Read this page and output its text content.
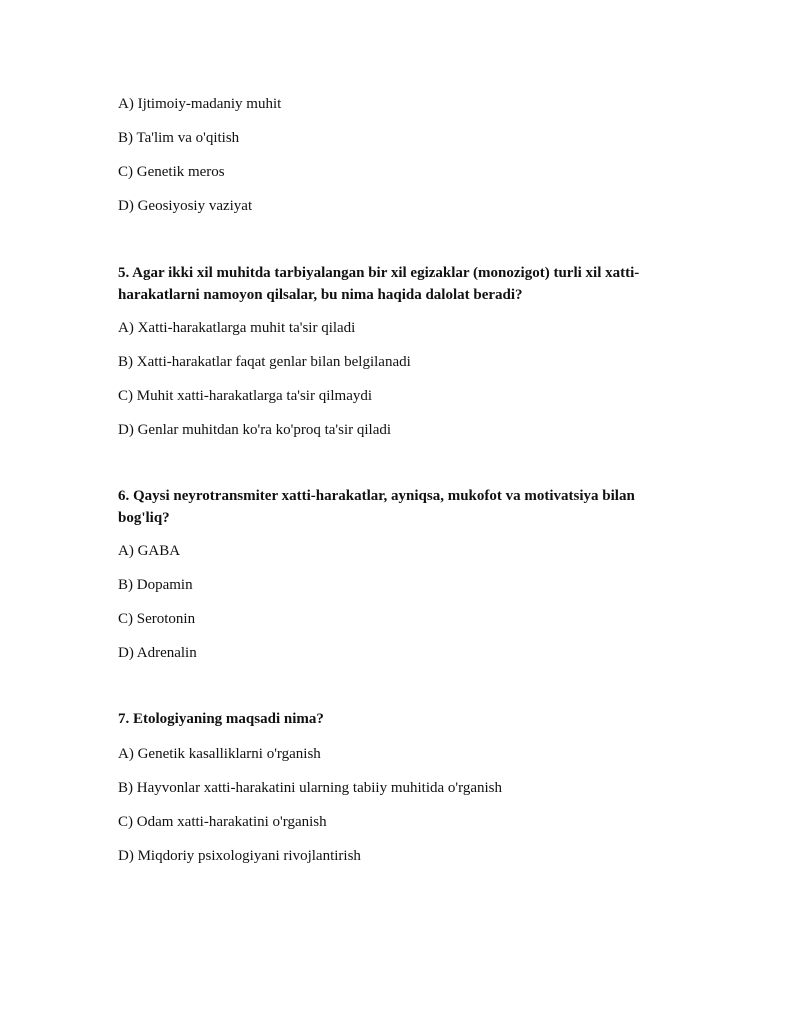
A) Ijtimoiy-madaniy muhit
B) Ta'lim va o'qitish
C) Genetik meros
D) Geosiyosiy vaziyat
5. Agar ikki xil muhitda tarbiyalangan bir xil egizaklar (monozigot) turli xil xatti-harakatlarni namoyon qilsalar, bu nima haqida dalolat beradi?
A) Xatti-harakatlarga muhit ta'sir qiladi
B) Xatti-harakatlar faqat genlar bilan belgilanadi
C) Muhit xatti-harakatlarga ta'sir qilmaydi
D) Genlar muhitdan ko'ra ko'proq ta'sir qiladi
6. Qaysi neyrotransmiter xatti-harakatlar, ayniqsa, mukofot va motivatsiya bilan bog'liq?
A) GABA
B) Dopamin
C) Serotonin
D) Adrenalin
7. Etologiyaning maqsadi nima?
A) Genetik kasalliklarni o'rganish
B) Hayvonlar xatti-harakatini ularning tabiiy muhitida o'rganish
C) Odam xatti-harakatini o'rganish
D) Miqdoriy psixologiyani rivojlantirish
